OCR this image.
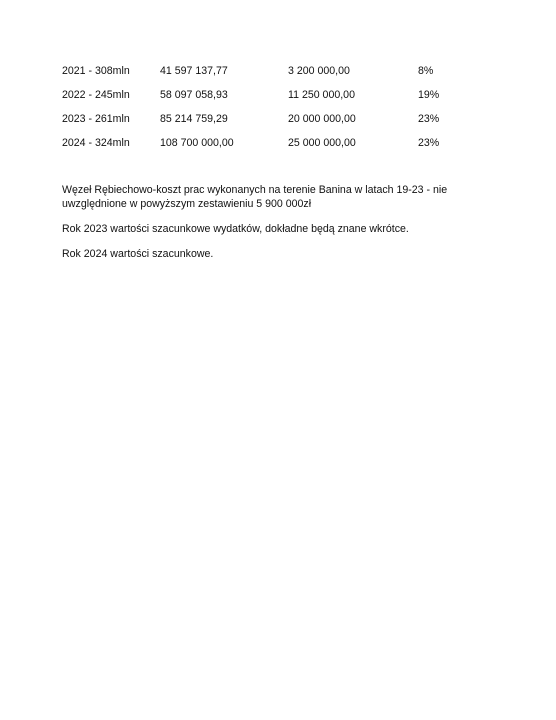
2021 - 308mln	41 597 137,77	3 200 000,00	8%
2022 - 245mln	58 097 058,93	11 250 000,00	19%
2023 - 261mln	85 214 759,29	20 000 000,00	23%
2024 - 324mln	108 700 000,00	25 000 000,00	23%

Węzeł Rębiechowo-koszt prac wykonanych na terenie Banina w latach 19-23 - nie uwzględnione w powyższym zestawieniu 5 900 000zł

Rok 2023 wartości szacunkowe wydatków, dokładne będą znane wkrótce.

Rok 2024 wartości szacunkowe.
